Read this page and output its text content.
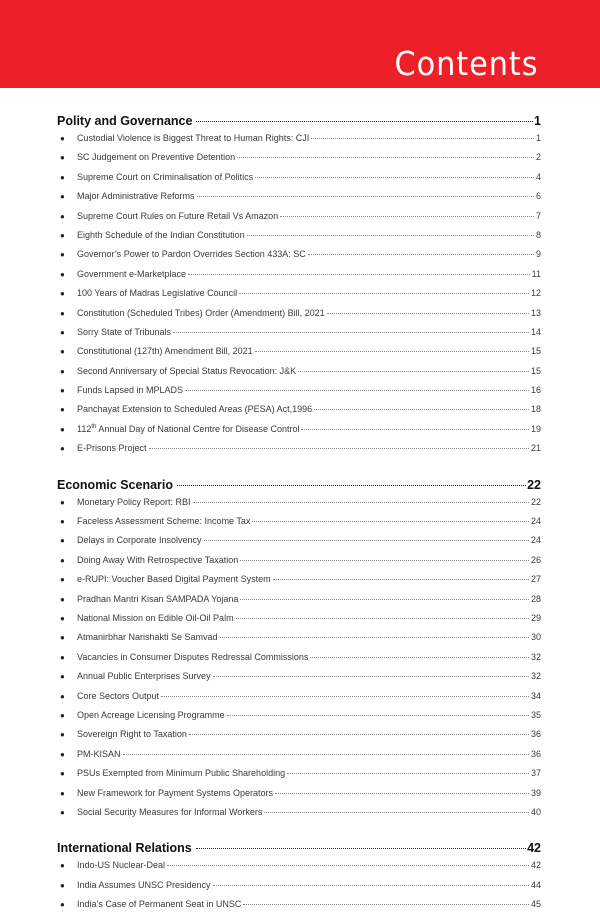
Contents
Polity and Governance	1
●	Custodial Violence is Biggest Threat to Human Rights: CJI	1
●	SC Judgement on Preventive Detention	2
●	Supreme Court on Criminalisation of Politics	4
●	Major Administrative Reforms	6
●	Supreme Court Rules on Future Retail Vs Amazon	7
●	Eighth Schedule of the Indian Constitution	8
●	Governor’s Power to Pardon Overrides Section 433A: SC	9
●	Government e-Marketplace	11
●	100 Years of Madras Legislative Council	12
●	Constitution (Scheduled Tribes) Order (Amendment) Bill, 2021	13
●	Sorry State of Tribunals	14
●	Constitutional (127th) Amendment Bill, 2021	15
●	Second Anniversary of Special Status Revocation: J&K	15
●	Funds Lapsed in MPLADS	16
●	Panchayat Extension to Scheduled Areas (PESA) Act,1996	18
●	112th Annual Day of National Centre for Disease Control	19
●	E-Prisons Project	21
Economic Scenario	22
●	Monetary Policy Report: RBI	22
●	Faceless Assessment Scheme: Income Tax	24
●	Delays in Corporate Insolvency	24
●	Doing Away With Retrospective Taxation	26
●	e-RUPI: Voucher Based Digital Payment System	27
●	Pradhan Mantri Kisan SAMPADA Yojana	28
●	National Mission on Edible Oil-Oil Palm	29
●	Atmanirbhar Narishakti Se Samvad	30
●	Vacancies in Consumer Disputes Redressal Commissions	32
●	Annual Public Enterprises Survey	32
●	Core Sectors Output	34
●	Open Acreage Licensing Programme	35
●	Sovereign Right to Taxation	36
●	PM-KISAN	36
●	PSUs Exempted from Minimum Public Shareholding	37
●	New Framework for Payment Systems Operators	39
●	Social Security Measures for Informal Workers	40
International Relations	42
●	Indo-US Nuclear-Deal	42
●	India Assumes UNSC Presidency	44
●	India’s Case of Permanent Seat in UNSC	45
